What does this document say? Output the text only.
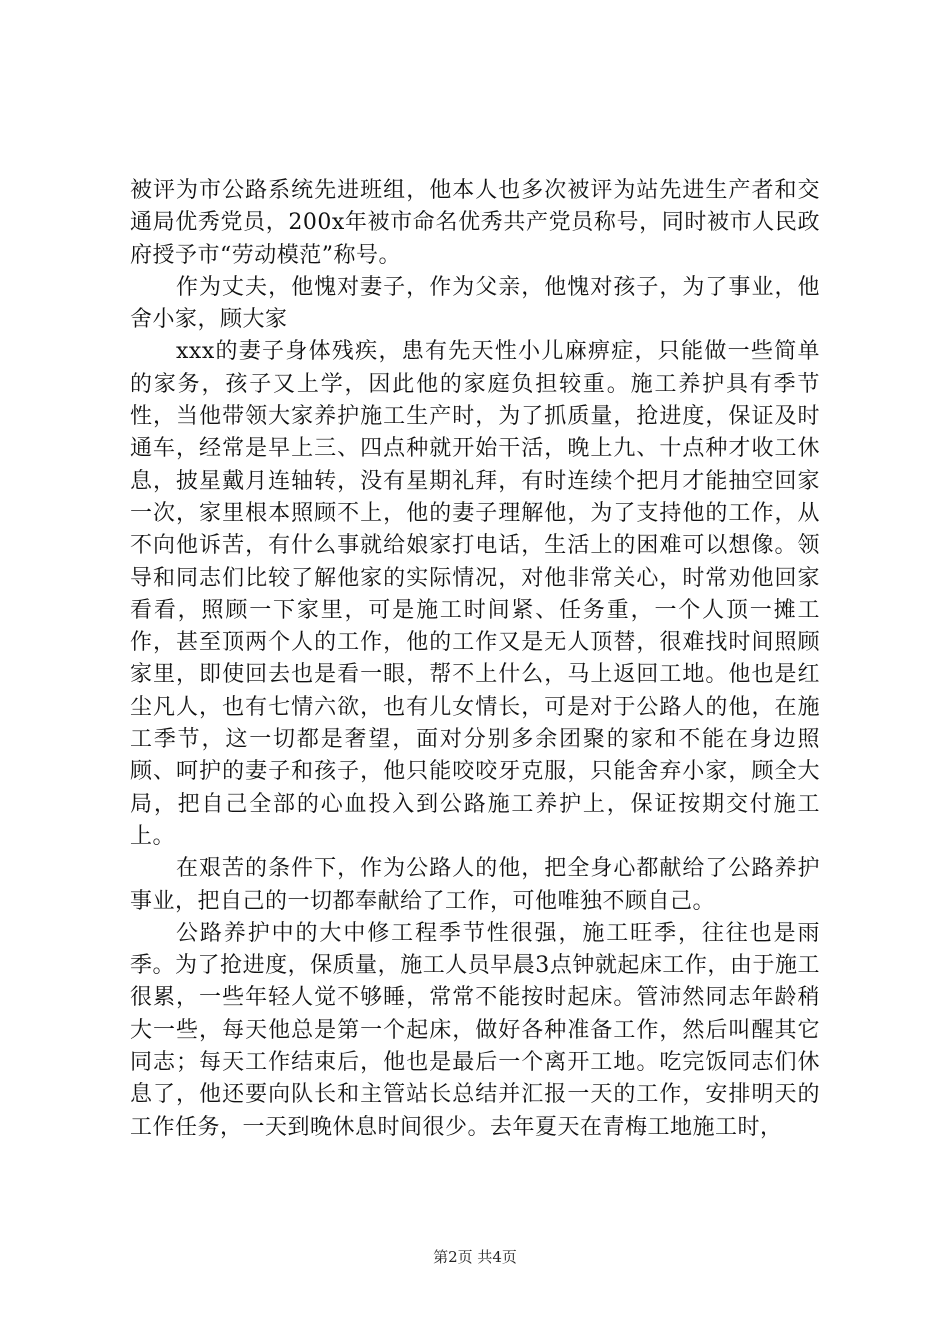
被评为市公路系统先进班组，他本人也多次被评为站先进生产者和交通局优秀党员，200x年被市命名优秀共产党员称号，同时被市人民政府授予市“劳动模范”称号。

作为丈夫，他愧对妻子，作为父亲，他愧对孩子，为了事业，他舍小家，顾大家

xxx的妻子身体残疾，患有先天性小儿麻痹症，只能做一些简单的家务，孩子又上学，因此他的家庭负担较重。施工养护具有季节性，当他带领大家养护施工生产时，为了抓质量，抢进度，保证及时通车，经常是早上三、四点种就开始干活，晚上九、十点种才收工休息，披星戴月连轴转，没有星期礼拜，有时连续个把月才能抽空回家一次，家里根本照顾不上，他的妻子理解他，为了支持他的工作，从不向他诉苦，有什么事就给娘家打电话，生活上的困难可以想像。领导和同志们比较了解他家的实际情况，对他非常关心，时常劝他回家看看，照顾一下家里，可是施工时间紧、任务重，一个人顶一摊工作，甚至顶两个人的工作，他的工作又是无人顶替，很难找时间照顾家里，即使回去也是看一眼，帮不上什么，马上返回工地。他也是红尘凡人，也有七情六欲，也有儿女情长，可是对于公路人的他，在施工季节，这一切都是奢望，面对分别多余团聚的家和不能在身边照顾、呵护的妻子和孩子，他只能咬咬牙克服，只能舍弃小家，顾全大局，把自己全部的心血投入到公路施工养护上，保证按期交付施工上。

在艰苦的条件下，作为公路人的他，把全身心都献给了公路养护事业，把自己的一切都奉献给了工作，可他唯独不顾自己。

公路养护中的大中修工程季节性很强，施工旺季，往往也是雨季。为了抢进度，保质量，施工人员早晨3点钟就起床工作，由于施工很累，一些年轻人觉不够睡，常常不能按时起床。管沛然同志年龄稍大一些，每天他总是第一个起床，做好各种准备工作，然后叫醒其它同志；每天工作结束后，他也是最后一个离开工地。吃完饭同志们休息了，他还要向队长和主管站长总结并汇报一天的工作，安排明天的工作任务，一天到晚休息时间很少。去年夏天在青梅工地施工时，

第2页 共4页
